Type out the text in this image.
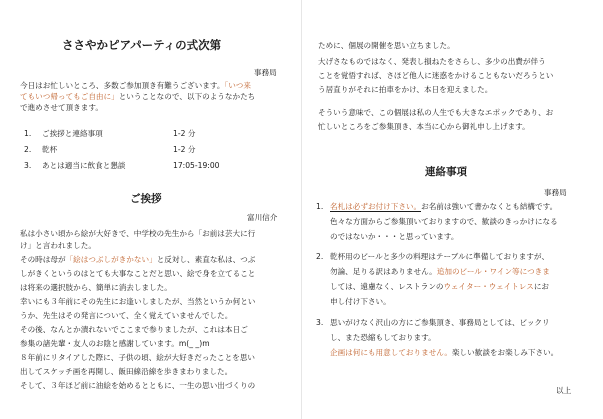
ささやかピアパーティの式次第
事務局
今日はお忙しいところ、多数ご参加頂き有難うございます。「いつ来
てもいつ帰ってもご自由に」ということなので、以下のようなかたち
で進めさせて頂きます。
1. ご挨拶と連絡事項	1-2 分
2. 乾杯	1-2 分
3. あとは適当に飲食と懇談	17:05-19:00
ご挨拶
富川信介
私は小さい頃から絵が大好きで、中学校の先生から「お前は芸大に行
け」と言われました。
その時は母が「絵はつぶしがきかない」と反対し、素直な私は、つぶ
しがきくというのはとても大事なことだと思い、絵で身を立てること
は将来の選択肢から、簡単に消去しました。
幸いにも３年前にその先生にお逢いしましたが、当然というか何とい
うか、先生はその発言について、全く覚えていませんでした。
その後、なんとか潰れないでここまで参りましたが、これは本日ご
参集の諸先輩・友人のお陰と感謝しています。m(_ _)m
８年前にリタイアした際に、子供の頃、絵が大好きだったことを思い
出してスケッチ画を再開し、飯田線沿線を歩きまわりました。
そして、３年ほど前に油絵を始めるとともに、一生の思い出づくりの
ために、個展の開催を思い立ちました。
大げさなものではなく、発表し損ねたをさらし、多少の出費が伴う
ことを覚悟すれば、さほど他人に迷惑をかけることもないだろうとい
う居直りがそれに拍車をかけ、本日を迎えました。
そういう意味で、この個展は私の人生でも大きなエポックであり、お
忙しいところをご参集頂き、本当に心から御礼申し上げます。
連絡事項
事務局
1. 名札は必ずお付け下さい。お名前は強いて書かなくとも結構です。
色々な方面からご参集頂いておりますので、歓談のきっかけになる
のではないか・・・と思っています。
2. 乾杯用のビールと多少の料理はテーブルに準備しておりますが、
勿論、足りる訳はありません。追加のビール・ワイン等につきま
しては、遠慮なく、レストランのウェイター・ウェイトレスにお
申し付け下さい。
3. 思いがけなく沢山の方にご参集頂き、事務局としては、ビックリ
し、また恐縮もしております。
企画は何にも用意しておりません。楽しい歓談をお楽しみ下さい。
以上
